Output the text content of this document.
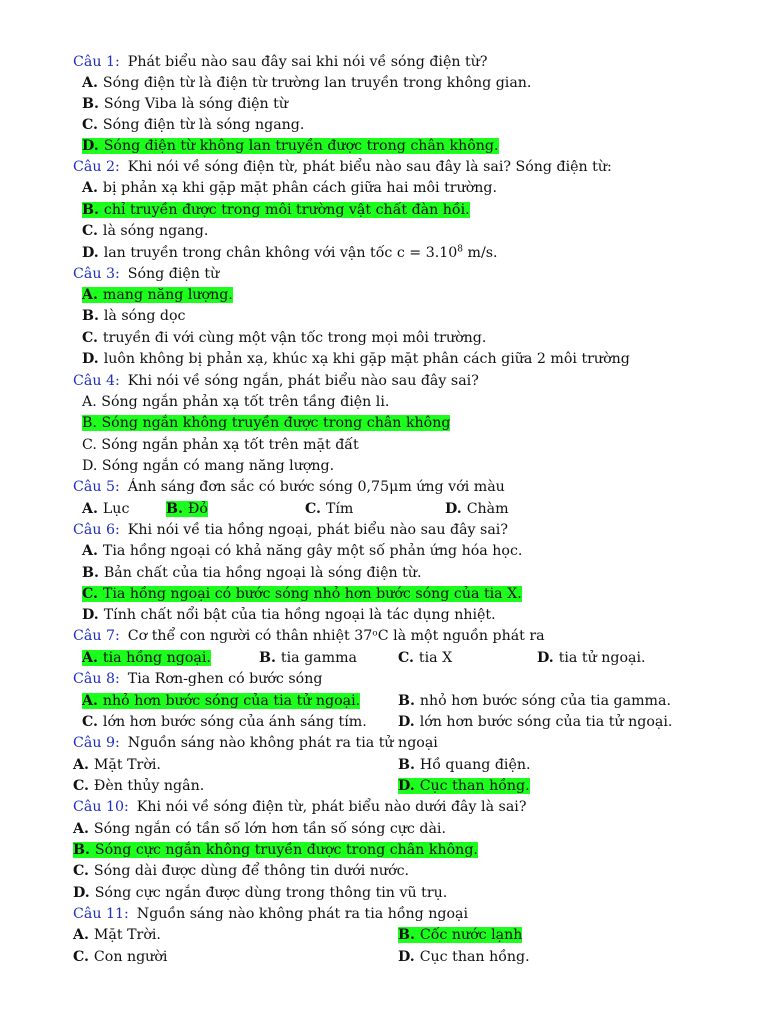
Câu 1: Phát biểu nào sau đây sai khi nói về sóng điện từ?
A. Sóng điện từ là điện từ trường lan truyền trong không gian.
B. Sóng Viba là sóng điện từ
C. Sóng điện từ là sóng ngang.
D. Sóng điện từ không lan truyền được trong chân không.
Câu 2: Khi nói về sóng điện từ, phát biểu nào sau đây là sai? Sóng điện từ:
A. bị phản xạ khi gặp mặt phân cách giữa hai môi trường.
B. chỉ truyền được trong môi trường vật chất đàn hồi.
C. là sóng ngang.
D. lan truyền trong chân không với vận tốc $c = 3.10^8$ m/s.
Câu 3: Sóng điện từ
A. mang năng lượng.
B. là sóng dọc
C. truyền đi với cùng một vận tốc trong mọi môi trường.
D. luôn không bị phản xạ, khúc xạ khi gặp mặt phân cách giữa 2 môi trường
Câu 4: Khi nói về sóng ngắn, phát biểu nào sau đây sai?
A. Sóng ngắn phản xạ tốt trên tầng điện li.
B. Sóng ngắn không truyền được trong chân không
C. Sóng ngắn phản xạ tốt trên mặt đất
D. Sóng ngắn có mang năng lượng.
Câu 5: Ánh sáng đơn sắc có bước sóng 0,75μm ứng với màu
A. Lục	B. Đỏ	C. Tím	D. Chàm
Câu 6: Khi nói về tia hồng ngoại, phát biểu nào sau đây sai?
A. Tia hồng ngoại có khả năng gây một số phản ứng hóa học.
B. Bản chất của tia hồng ngoại là sóng điện từ.
C. Tia hồng ngoại có bước sóng nhỏ hơn bước sóng của tia X.
D. Tính chất nổi bật của tia hồng ngoại là tác dụng nhiệt.
Câu 7: Cơ thể con người có thân nhiệt 37ᵒC là một nguồn phát ra
A. tia hồng ngoại.	B. tia gamma	C. tia X	D. tia tử ngoại.
Câu 8: Tia Rơn-ghen có bước sóng
A. nhỏ hơn bước sóng của tia tử ngoại.	B. nhỏ hơn bước sóng của tia gamma.
C. lớn hơn bước sóng của ánh sáng tím. D. lớn hơn bước sóng của tia tử ngoại.
Câu 9: Nguồn sáng nào không phát ra tia tử ngoại
A. Mặt Trời.	B. Hồ quang điện.
C. Đèn thủy ngân.	D. Cục than hồng.
Câu 10: Khi nói về sóng điện từ, phát biểu nào dưới đây là sai?
A. Sóng ngắn có tần số lớn hơn tần số sóng cực dài.
B. Sóng cực ngắn không truyền được trong chân không.
C. Sóng dài được dùng để thông tin dưới nước.
D. Sóng cực ngắn được dùng trong thông tin vũ trụ.
Câu 11: Nguồn sáng nào không phát ra tia hồng ngoại
A. Mặt Trời.	B. Cốc nước lạnh
C. Con người	D. Cục than hồng.
